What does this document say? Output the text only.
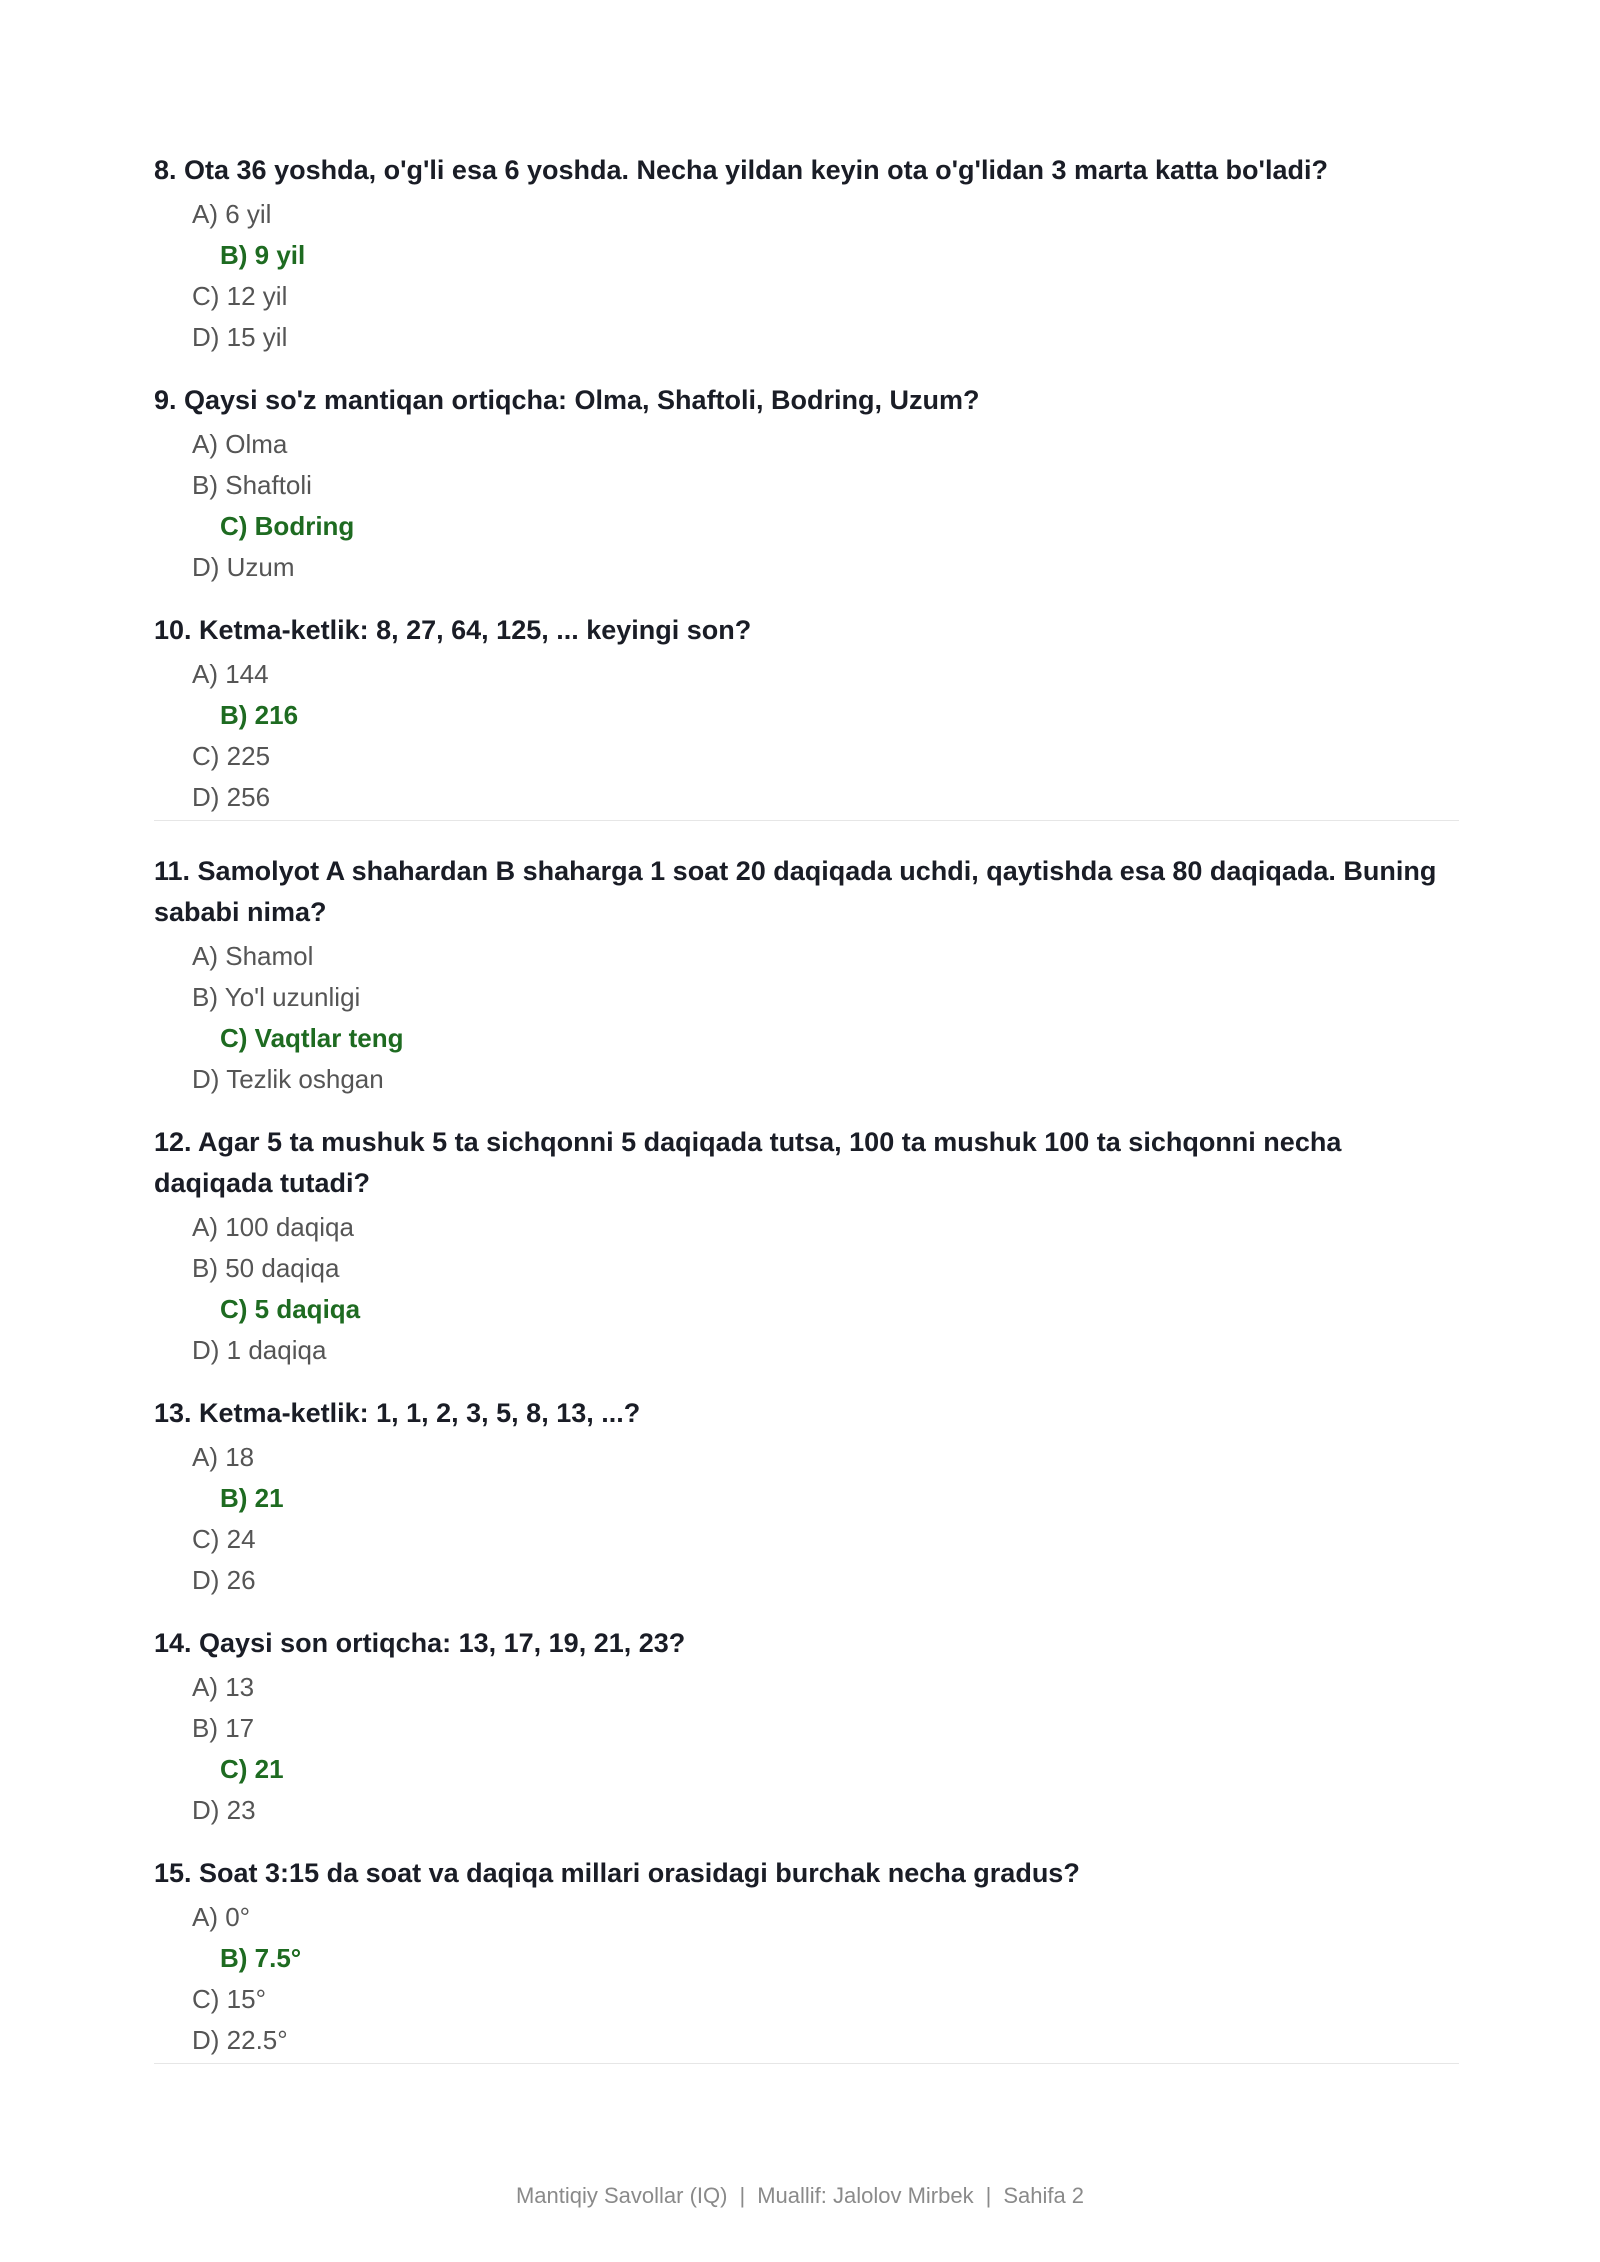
8. Ota 36 yoshda, o'g'li esa 6 yoshda. Necha yildan keyin ota o'g'lidan 3 marta katta bo'ladi?
A) 6 yil
B) 9 yil
C) 12 yil
D) 15 yil
9. Qaysi so'z mantiqan ortiqcha: Olma, Shaftoli, Bodring, Uzum?
A) Olma
B) Shaftoli
C) Bodring
D) Uzum
10. Ketma-ketlik: 8, 27, 64, 125, ... keyingi son?
A) 144
B) 216
C) 225
D) 256
11. Samolyot A shahardan B shaharga 1 soat 20 daqiqada uchdi, qaytishda esa 80 daqiqada. Buning sababi nima?
A) Shamol
B) Yo'l uzunligi
C) Vaqtlar teng
D) Tezlik oshgan
12. Agar 5 ta mushuk 5 ta sichqonni 5 daqiqada tutsa, 100 ta mushuk 100 ta sichqonni necha daqiqada tutadi?
A) 100 daqiqa
B) 50 daqiqa
C) 5 daqiqa
D) 1 daqiqa
13. Ketma-ketlik: 1, 1, 2, 3, 5, 8, 13, ...?
A) 18
B) 21
C) 24
D) 26
14. Qaysi son ortiqcha: 13, 17, 19, 21, 23?
A) 13
B) 17
C) 21
D) 23
15. Soat 3:15 da soat va daqiqa millari orasidagi burchak necha gradus?
A) 0°
B) 7.5°
C) 15°
D) 22.5°
Mantiqiy Savollar (IQ) | Muallif: Jalolov Mirbek | Sahifa 2
